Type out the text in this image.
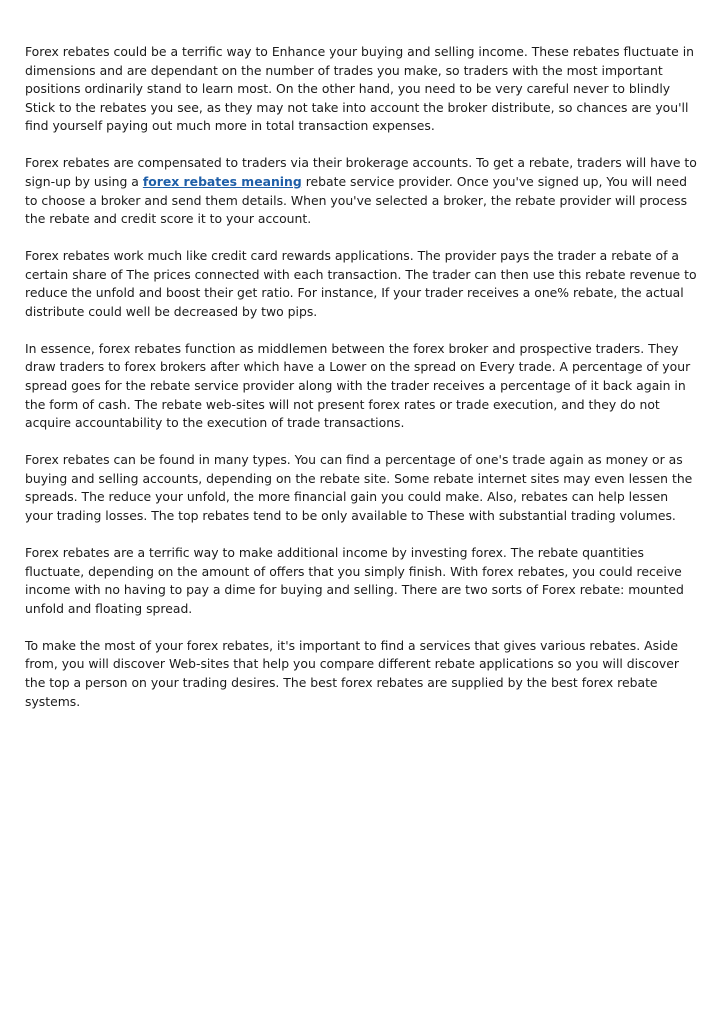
Forex rebates could be a terrific way to Enhance your buying and selling income. These rebates fluctuate in dimensions and are dependant on the number of trades you make, so traders with the most important positions ordinarily stand to learn most. On the other hand, you need to be very careful never to blindly Stick to the rebates you see, as they may not take into account the broker distribute, so chances are you'll find yourself paying out much more in total transaction expenses.

Forex rebates are compensated to traders via their brokerage accounts. To get a rebate, traders will have to sign-up by using a forex rebates meaning rebate service provider. Once you've signed up, You will need to choose a broker and send them details. When you've selected a broker, the rebate provider will process the rebate and credit score it to your account.

Forex rebates work much like credit card rewards applications. The provider pays the trader a rebate of a certain share of The prices connected with each transaction. The trader can then use this rebate revenue to reduce the unfold and boost their get ratio. For instance, If your trader receives a one% rebate, the actual distribute could well be decreased by two pips.

In essence, forex rebates function as middlemen between the forex broker and prospective traders. They draw traders to forex brokers after which have a Lower on the spread on Every trade. A percentage of your spread goes for the rebate service provider along with the trader receives a percentage of it back again in the form of cash. The rebate web-sites will not present forex rates or trade execution, and they do not acquire accountability to the execution of trade transactions.

Forex rebates can be found in many types. You can find a percentage of one's trade again as money or as buying and selling accounts, depending on the rebate site. Some rebate internet sites may even lessen the spreads. The reduce your unfold, the more financial gain you could make. Also, rebates can help lessen your trading losses. The top rebates tend to be only available to These with substantial trading volumes.

Forex rebates are a terrific way to make additional income by investing forex. The rebate quantities fluctuate, depending on the amount of offers that you simply finish. With forex rebates, you could receive income with no having to pay a dime for buying and selling. There are two sorts of Forex rebate: mounted unfold and floating spread.

To make the most of your forex rebates, it's important to find a services that gives various rebates. Aside from, you will discover Web-sites that help you compare different rebate applications so you will discover the top a person on your trading desires. The best forex rebates are supplied by the best forex rebate systems.
